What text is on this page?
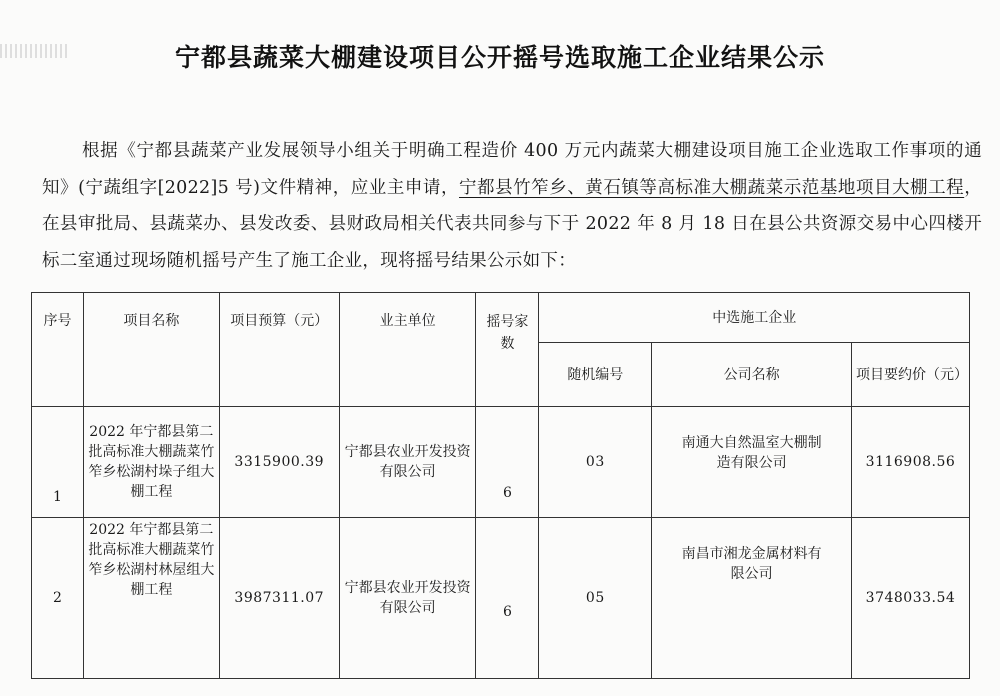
宁都县蔬菜大棚建设项目公开摇号选取施工企业结果公示
根据《宁都县蔬菜产业发展领导小组关于明确工程造价 400 万元内蔬菜大棚建设项目施工企业选取工作事项的通知》(宁蔬组字[2022]5 号)文件精神，应业主申请，宁都县竹笮乡、黄石镇等高标准大棚蔬菜示范基地项目大棚工程，在县审批局、县蔬菜办、县发改委、县财政局相关代表共同参与下于 2022 年 8 月 18 日在县公共资源交易中心四楼开标二室通过现场随机摇号产生了施工企业，现将摇号结果公示如下：
序号	项目名称	项目预算（元）	业主单位	摇号家数	中选施工企业		
					随机编号	公司名称	项目要约价（元）
1	2022 年宁都县第二批高标准大棚蔬菜竹笮乡松湖村垛子组大棚工程	3315900.39	宁都县农业开发投资有限公司	6	03	南通大自然温室大棚制造有限公司	3116908.56
2	2022 年宁都县第二批高标准大棚蔬菜竹笮乡松湖村林屋组大棚工程	3987311.07	宁都县农业开发投资有限公司	6	05	南昌市湘龙金属材料有限公司	3748033.54
